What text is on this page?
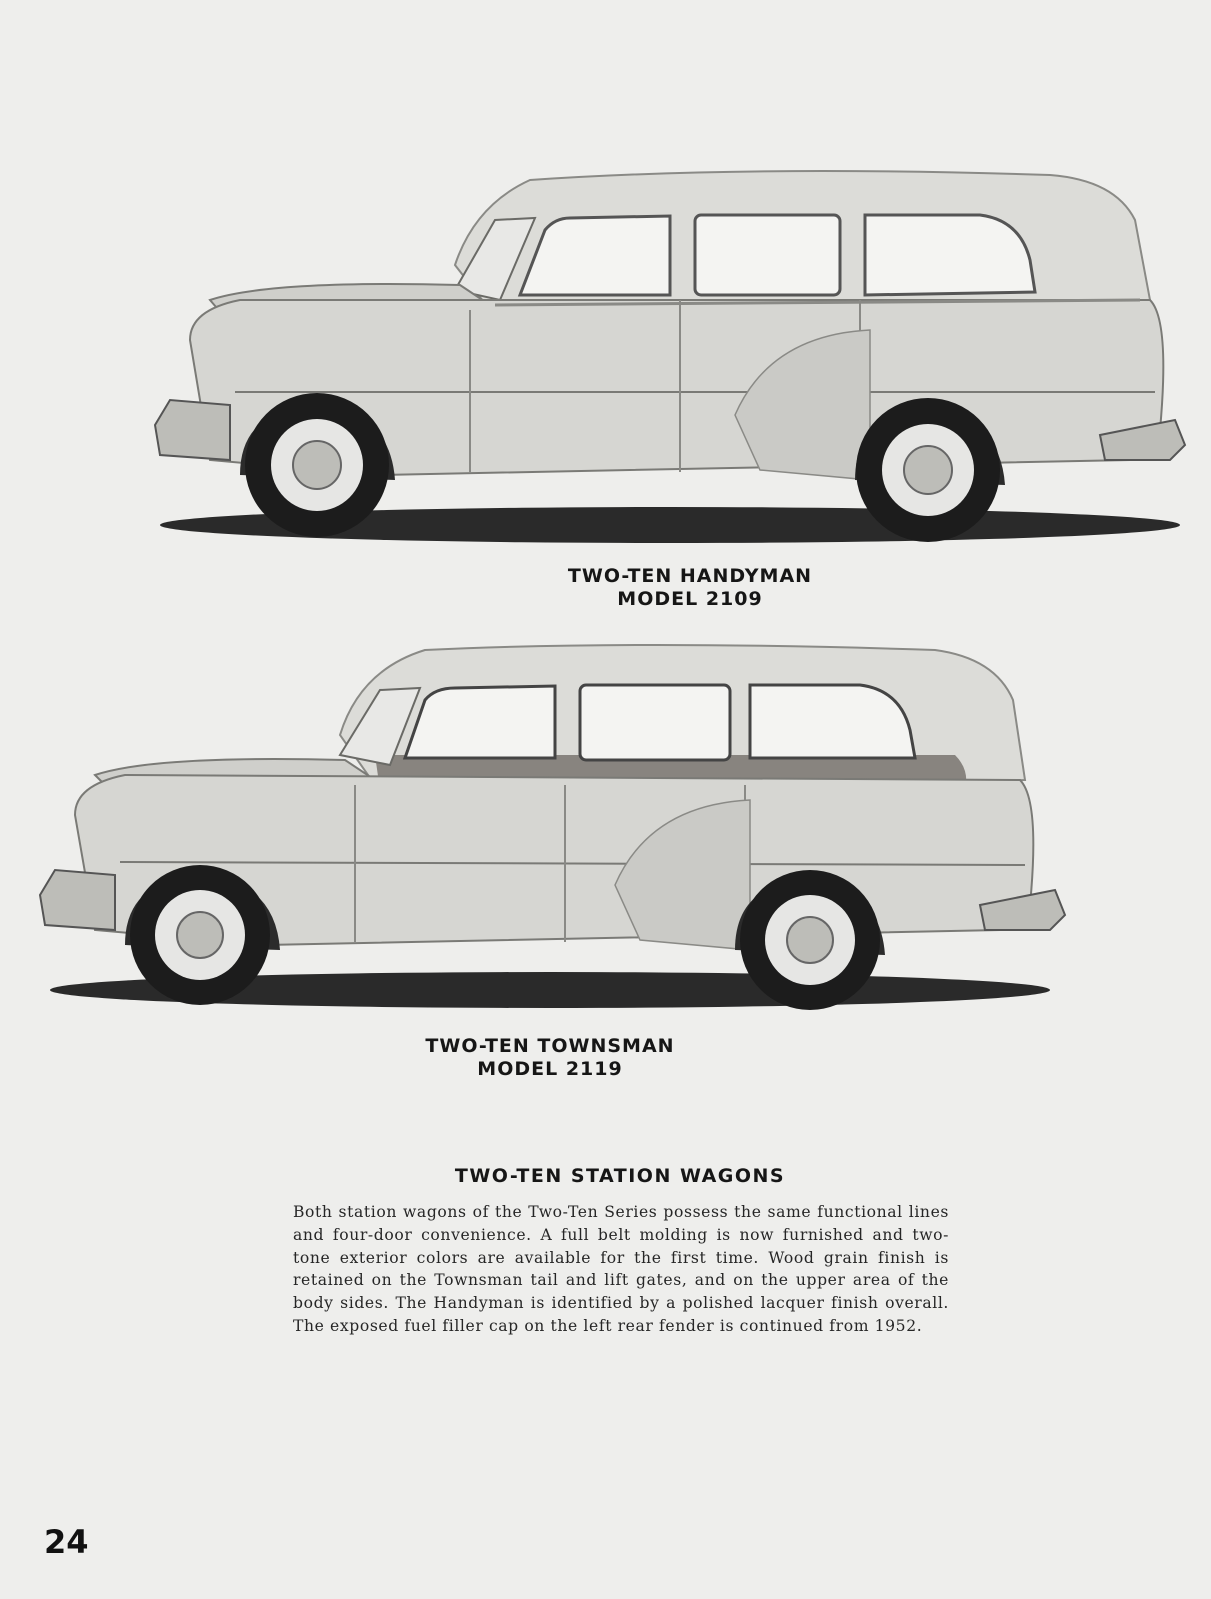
TWO-TEN HANDYMAN
MODEL 2109
TWO-TEN TOWNSMAN
MODEL 2119
TWO-TEN STATION WAGONS
Both station wagons of the Two-Ten Series possess the same functional lines and four-door convenience. A full belt molding is now furnished and two-tone exterior colors are available for the first time. Wood grain finish is retained on the Townsman tail and lift gates, and on the upper area of the body sides. The Handyman is identified by a polished lacquer finish overall. The exposed fuel filler cap on the left rear fender is continued from 1952.
24
